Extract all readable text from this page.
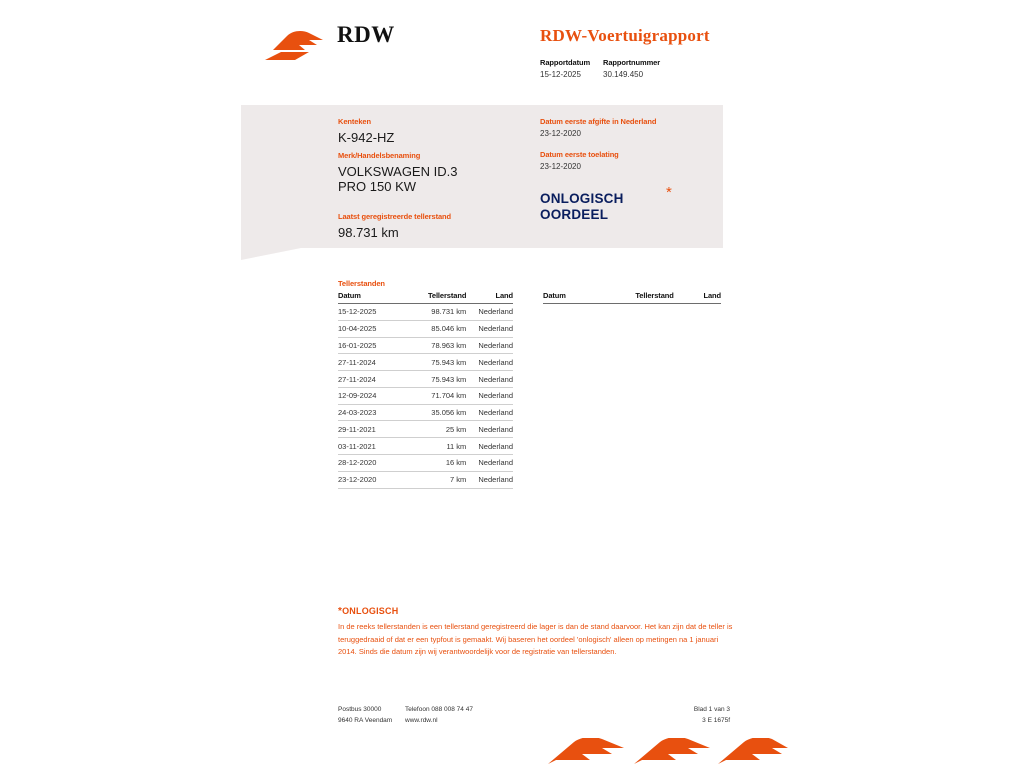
RDW	RDW-Voertuigrapport
Rapportdatum
15-12-2025
Rapportnummer
30.149.450
Kenteken
K-942-HZ
Merk/Handelsbenaming
VOLKSWAGEN ID.3
PRO 150 KW
Laatst geregistreerde tellerstand
98.731 km
Datum eerste afgifte in Nederland
23-12-2020
Datum eerste toelating
23-12-2020
ONLOGISCH
OORDEEL
*
Tellerstanden
Datum	Tellerstand	Land
15-12-2025	98.731 km	Nederland
10-04-2025	85.046 km	Nederland
16-01-2025	78.963 km	Nederland
27-11-2024	75.943 km	Nederland
27-11-2024	75.943 km	Nederland
12-09-2024	71.704 km	Nederland
24-03-2023	35.056 km	Nederland
29-11-2021	25 km	Nederland
03-11-2021	11 km	Nederland
28-12-2020	16 km	Nederland
23-12-2020	7 km	Nederland
Datum	Tellerstand	Land
*ONLOGISCH
In de reeks tellerstanden is een tellerstand geregistreerd die lager is dan de stand daarvoor. Het kan zijn dat de teller is teruggedraaid of dat er een typfout is gemaakt. Wij baseren het oordeel 'onlogisch' alleen op metingen na 1 januari 2014. Sinds die datum zijn wij verantwoordelijk voor de registratie van tellerstanden.
Postbus 30000
9640 RA Veendam
Telefoon 088 008 74 47
www.rdw.nl
Blad 1 van 3
3 E 1675f
